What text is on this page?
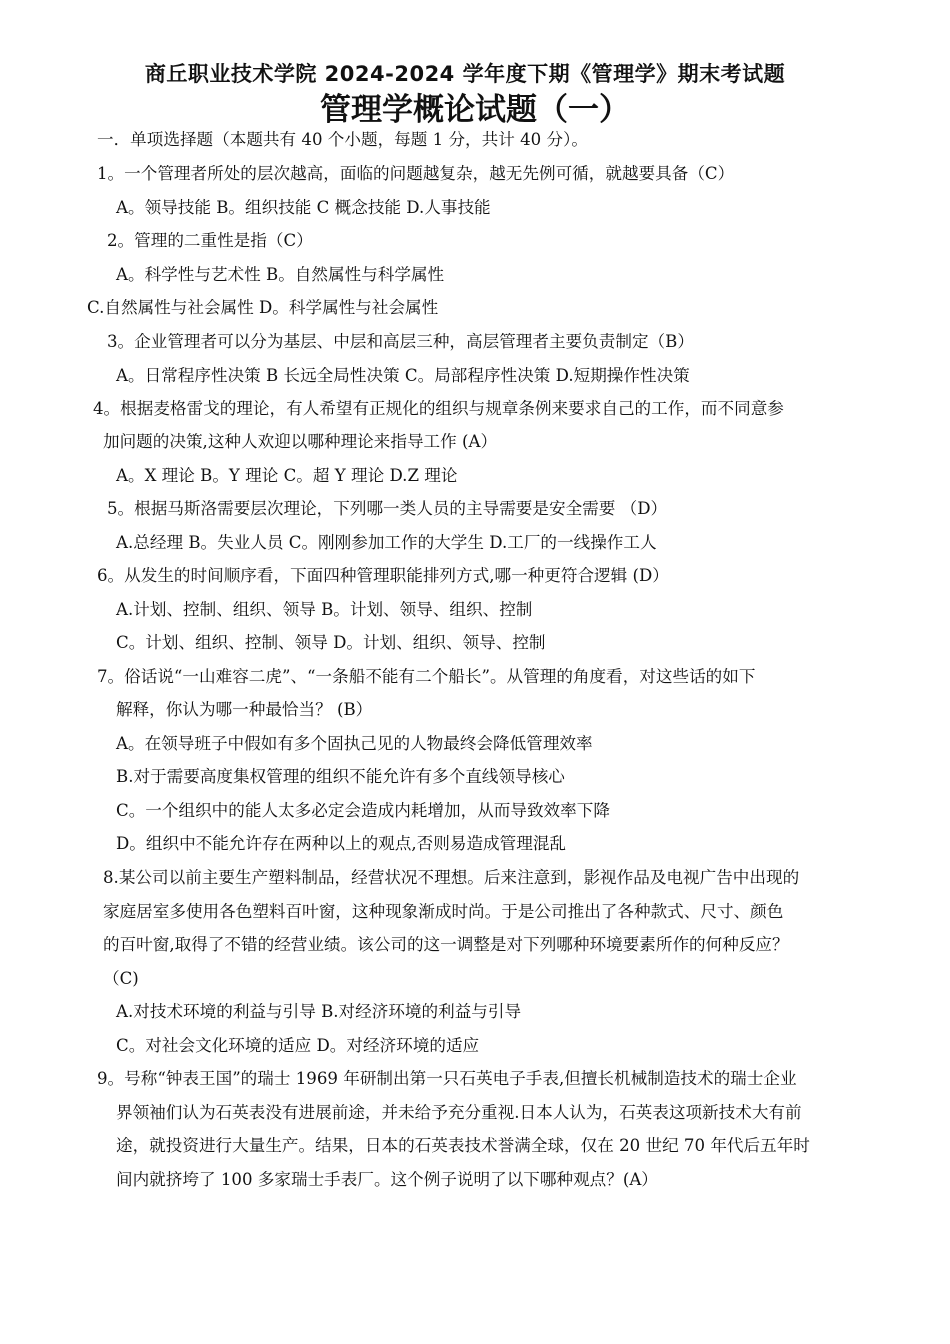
商丘职业技术学院 2024-2024 学年度下期《管理学》期末考试题
管理学概论试题（一）
一．单项选择题（本题共有 40 个小题，每题 1 分，共计 40 分）。
1。一个管理者所处的层次越高，面临的问题越复杂，越无先例可循，就越要具备（C）
A。领导技能 B。组织技能 C 概念技能 D.人事技能
2。管理的二重性是指（C）
A。科学性与艺术性 B。自然属性与科学属性
C.自然属性与社会属性 D。科学属性与社会属性
3。企业管理者可以分为基层、中层和高层三种，高层管理者主要负责制定（B）
A。日常程序性决策 B 长远全局性决策 C。局部程序性决策 D.短期操作性决策
4。根据麦格雷戈的理论，有人希望有正规化的组织与规章条例来要求自己的工作，而不同意参
加问题的决策,这种人欢迎以哪种理论来指导工作 (A）
A。X 理论 B。Y 理论 C。超 Y 理论 D.Z 理论
5。根据马斯洛需要层次理论，下列哪一类人员的主导需要是安全需要 （D）
A.总经理 B。失业人员 C。刚刚参加工作的大学生 D.工厂的一线操作工人
6。从发生的时间顺序看，下面四种管理职能排列方式,哪一种更符合逻辑 (D）
A.计划、控制、组织、领导 B。计划、领导、组织、控制
C。计划、组织、控制、领导 D。计划、组织、领导、控制
7。俗话说“一山难容二虎”、“一条船不能有二个船长”。从管理的角度看，对这些话的如下
解释，你认为哪一种最恰当？ (B）
A。在领导班子中假如有多个固执己见的人物最终会降低管理效率
B.对于需要高度集权管理的组织不能允许有多个直线领导核心
C。一个组织中的能人太多必定会造成内耗增加，从而导致效率下降
D。组织中不能允许存在两种以上的观点,否则易造成管理混乱
8.某公司以前主要生产塑料制品，经营状况不理想。后来注意到，影视作品及电视广告中出现的
家庭居室多使用各色塑料百叶窗，这种现象渐成时尚。于是公司推出了各种款式、尺寸、颜色
的百叶窗,取得了不错的经营业绩。该公司的这一调整是对下列哪种环境要素所作的何种反应？
（C)
A.对技术环境的利益与引导 B.对经济环境的利益与引导
C。对社会文化环境的适应 D。对经济环境的适应
9。号称“钟表王国”的瑞士 1969 年研制出第一只石英电子手表,但擅长机械制造技术的瑞士企业
界领袖们认为石英表没有进展前途，并未给予充分重视.日本人认为，石英表这项新技术大有前
途，就投资进行大量生产。结果，日本的石英表技术誉满全球，仅在 20 世纪 70 年代后五年时
间内就挤垮了 100 多家瑞士手表厂。这个例子说明了以下哪种观点？(A）
